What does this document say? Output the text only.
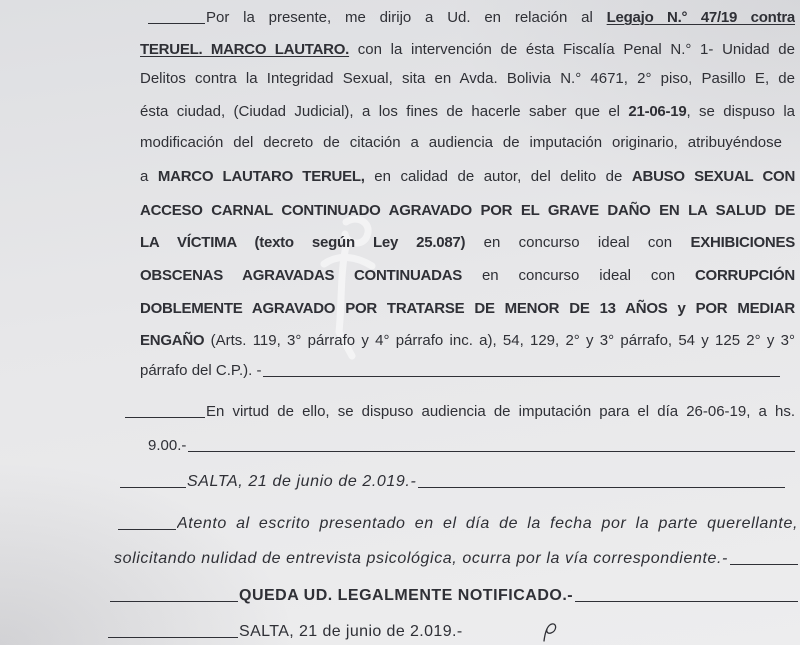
Por la presente, me dirijo a Ud. en relación al Legajo N.° 47/19 contra
TERUEL. MARCO LAUTARO. con la intervención de ésta Fiscalía Penal N.° 1- Unidad de
Delitos contra la Integridad Sexual, sita en Avda. Bolivia N.° 4671, 2° piso, Pasillo E, de
ésta ciudad, (Ciudad Judicial), a los fines de hacerle saber que el 21-06-19, se dispuso la
modificación del decreto de citación a audiencia de imputación originario, atribuyéndose
a MARCO LAUTARO TERUEL, en calidad de autor, del delito de ABUSO SEXUAL CON
ACCESO CARNAL CONTINUADO AGRAVADO POR EL GRAVE DAÑO EN LA SALUD DE
LA VÍCTIMA (texto según Ley 25.087) en concurso ideal con EXHIBICIONES
OBSCENAS AGRAVADAS CONTINUADAS en concurso ideal con CORRUPCIÓN
DOBLEMENTE AGRAVADO POR TRATARSE DE MENOR DE 13 AÑOS y POR MEDIAR
ENGAÑO (Arts. 119, 3° párrafo y 4° párrafo inc. a), 54, 129, 2° y 3° párrafo, 54 y 125 2° y 3°
párrafo del C.P.). -
En virtud de ello, se dispuso audiencia de imputación para el día 26-06-19, a hs.
9.00.-
SALTA, 21 de junio de 2.019.-
Atento al escrito presentado en el día de la fecha por la parte querellante,
solicitando nulidad de entrevista psicológica, ocurra por la vía correspondiente.-
QUEDA UD. LEGALMENTE NOTIFICADO.-
SALTA, 21 de junio de 2.019.-
